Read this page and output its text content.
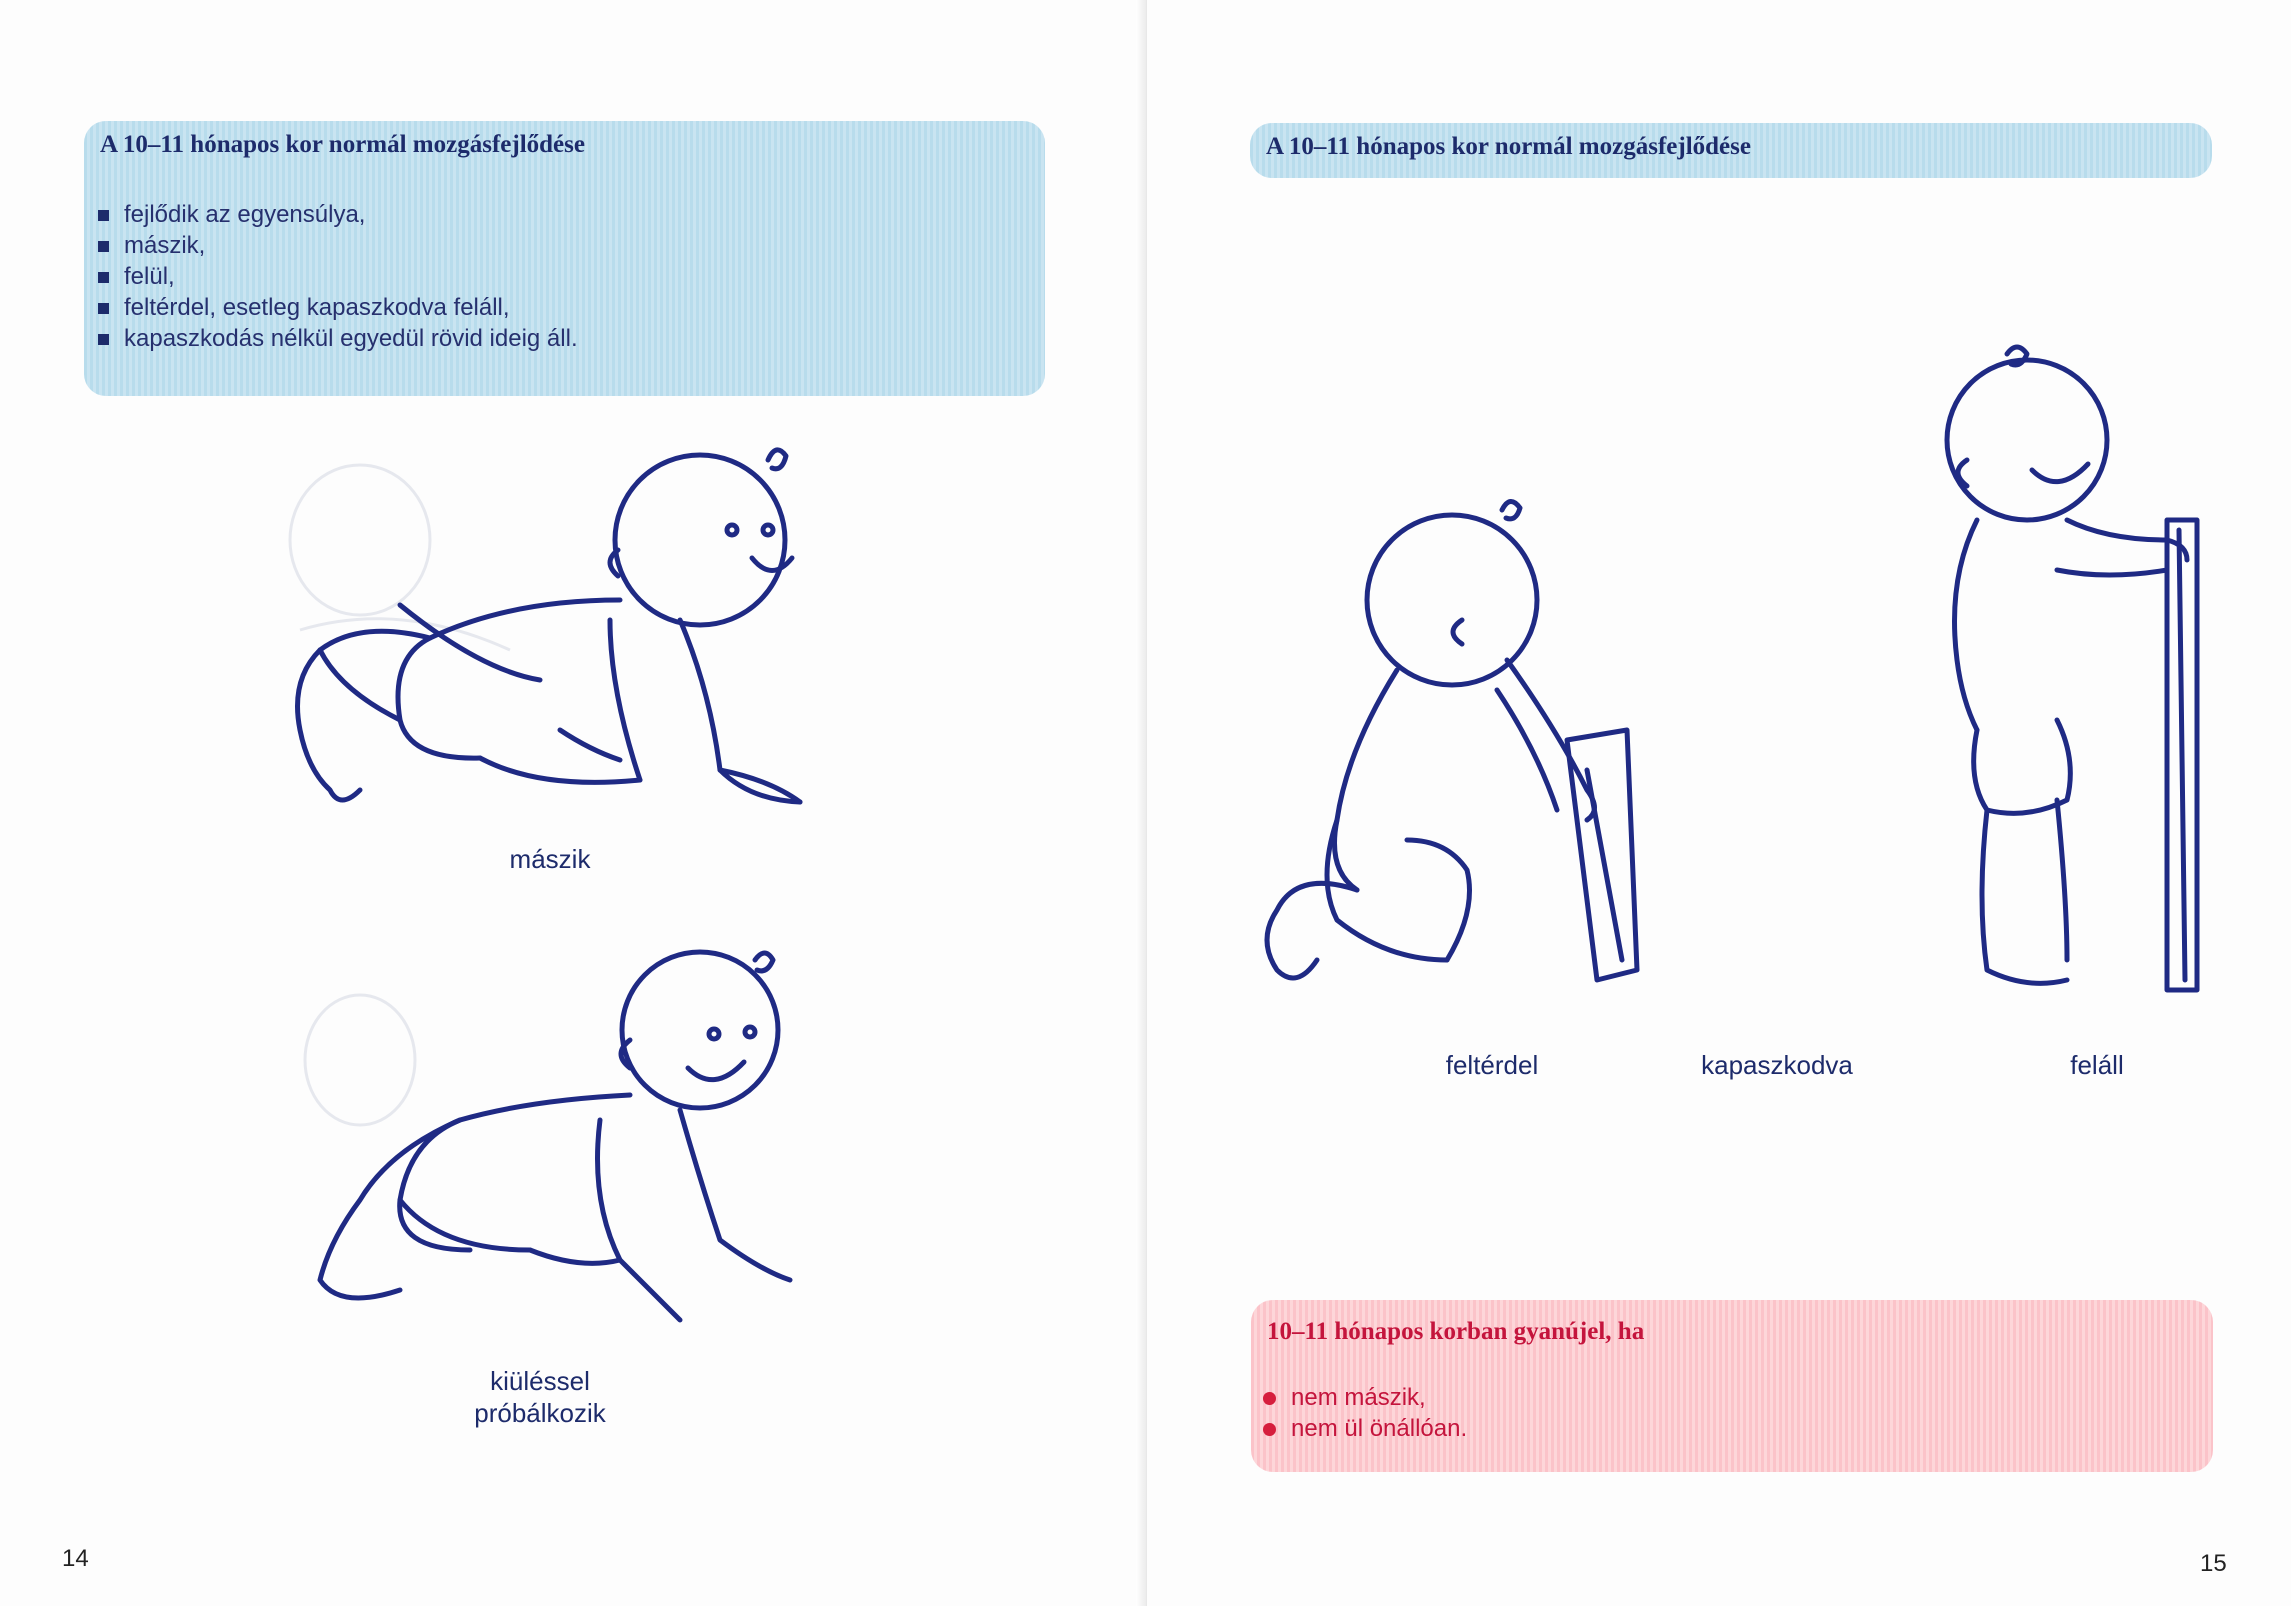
A 10–11 hónapos kor normál mozgásfejlődése
fejlődik az egyensúlya,
mászik,
felül,
feltérdel, esetleg kapaszkodva feláll,
kapaszkodás nélkül egyedül rövid ideig áll.
mászik
kiüléssel
próbálkozik
14
A 10–11 hónapos kor normál mozgásfejlődése
feltérdel	kapaszkodva	feláll
10–11 hónapos korban gyanújel, ha
nem mászik,
nem ül önállóan.
15
